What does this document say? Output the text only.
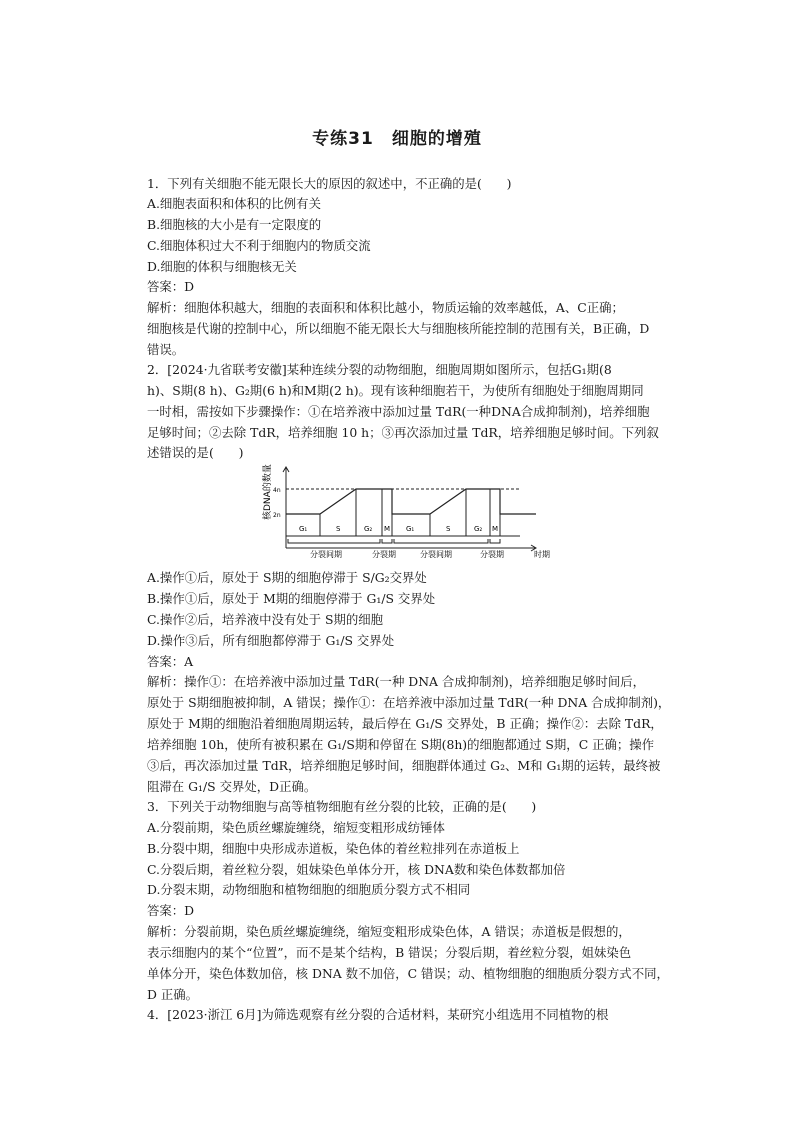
专练31　细胞的增殖
1．下列有关细胞不能无限长大的原因的叙述中，不正确的是(　　)
A.细胞表面积和体积的比例有关
B.细胞核的大小是有一定限度的
C.细胞体积过大不利于细胞内的物质交流
D.细胞的体积与细胞核无关
答案：D
解析：细胞体积越大，细胞的表面积和体积比越小，物质运输的效率越低，A、C正确；
细胞核是代谢的控制中心，所以细胞不能无限长大与细胞核所能控制的范围有关，B正确，D
错误。
2．[2024·九省联考安徽]某种连续分裂的动物细胞，细胞周期如图所示，包括G₁期(8
h)、S期(8 h)、G₂期(6 h)和M期(2 h)。现有该种细胞若干，为使所有细胞处于细胞周期同
一时相，需按如下步骤操作：①在培养液中添加过量 TdR(一种DNA合成抑制剂)，培养细胞
足够时间；②去除 TdR，培养细胞 10 h；③再次添加过量 TdR，培养细胞足够时间。下列叙
述错误的是(　　)
核DNA的数量 4n
2n
G₁	S	G₂ M G₁	S	G₂ M
分裂间期	分裂期	分裂间期	分裂期	时期
A.操作①后，原处于 S期的细胞停滞于 S/G₂交界处
B.操作①后，原处于 M期的细胞停滞于 G₁/S 交界处
C.操作②后，培养液中没有处于 S期的细胞
D.操作③后，所有细胞都停滞于 G₁/S 交界处
答案：A
解析：操作①：在培养液中添加过量 TdR(一种 DNA 合成抑制剂)，培养细胞足够时间后，
原处于 S期细胞被抑制，A 错误；操作①：在培养液中添加过量 TdR(一种 DNA 合成抑制剂)，
原处于 M期的细胞沿着细胞周期运转，最后停在 G₁/S 交界处，B 正确；操作②：去除 TdR，
培养细胞 10h，使所有被积累在 G₁/S期和停留在 S期(8h)的细胞都通过 S期，C 正确；操作
③后，再次添加过量 TdR，培养细胞足够时间，细胞群体通过 G₂、M和 G₁期的运转，最终被
阻滞在 G₁/S 交界处，D正确。
3．下列关于动物细胞与高等植物细胞有丝分裂的比较，正确的是(　　)
A.分裂前期，染色质丝螺旋缠绕，缩短变粗形成纺锤体
B.分裂中期，细胞中央形成赤道板，染色体的着丝粒排列在赤道板上
C.分裂后期，着丝粒分裂，姐妹染色单体分开，核 DNA数和染色体数都加倍
D.分裂末期，动物细胞和植物细胞的细胞质分裂方式不相同
答案：D
解析：分裂前期，染色质丝螺旋缠绕，缩短变粗形成染色体，A 错误；赤道板是假想的，
表示细胞内的某个“位置”，而不是某个结构，B 错误；分裂后期，着丝粒分裂，姐妹染色
单体分开，染色体数加倍，核 DNA 数不加倍，C 错误；动、植物细胞的细胞质分裂方式不同，
D 正确。
4．[2023·浙江 6月]为筛选观察有丝分裂的合适材料，某研究小组选用不同植物的根
